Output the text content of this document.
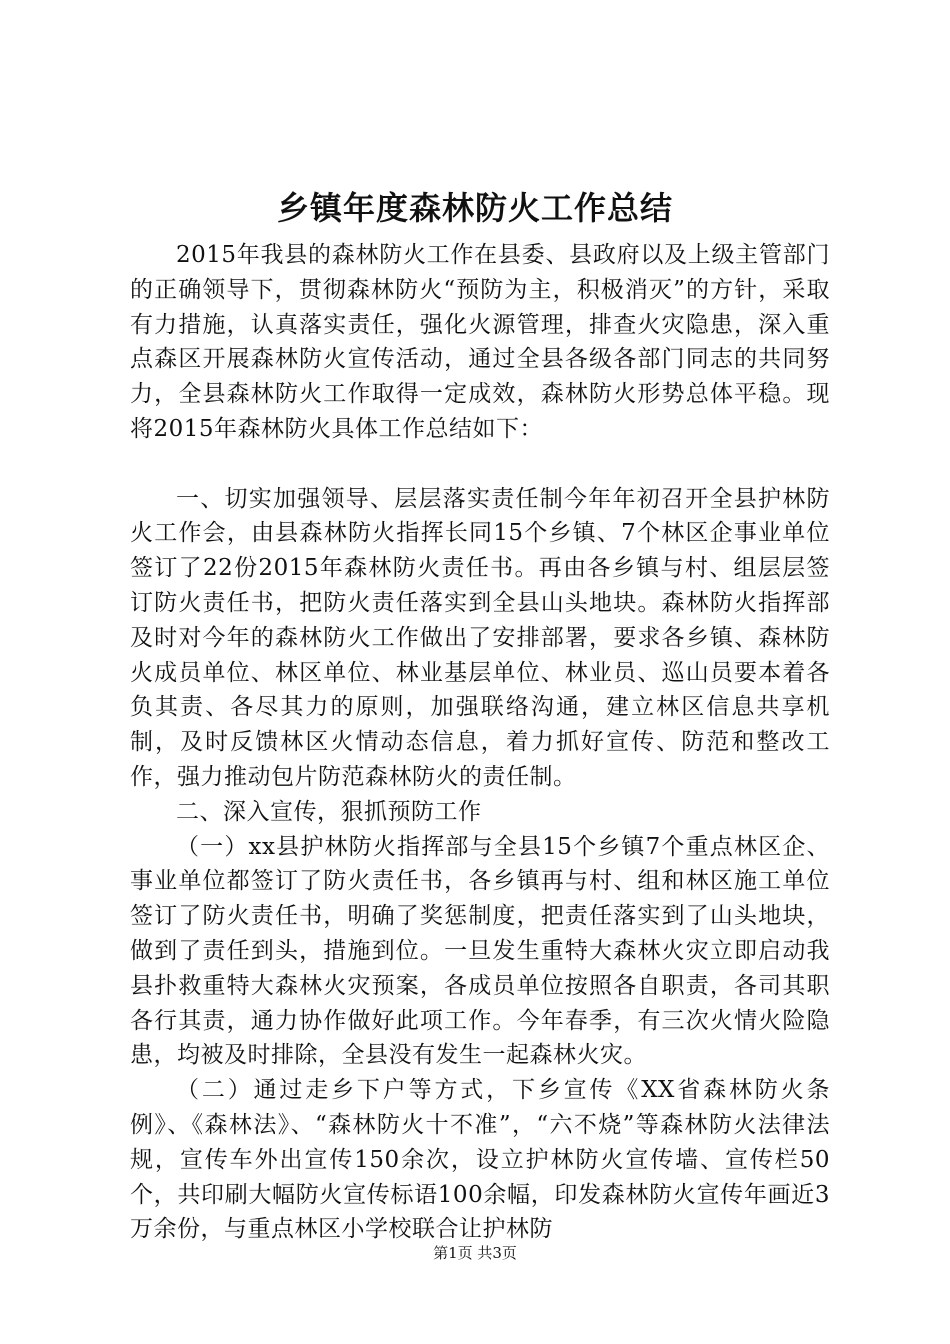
乡镇年度森林防火工作总结

2015年我县的森林防火工作在县委、县政府以及上级主管部门的正确领导下，贯彻森林防火“预防为主，积极消灭”的方针，采取有力措施，认真落实责任，强化火源管理，排查火灾隐患，深入重点森区开展森林防火宣传活动，通过全县各级各部门同志的共同努力，全县森林防火工作取得一定成效，森林防火形势总体平稳。现将2015年森林防火具体工作总结如下：

一、切实加强领导、层层落实责任制今年年初召开全县护林防火工作会，由县森林防火指挥长同15个乡镇、7个林区企事业单位签订了22份2015年森林防火责任书。再由各乡镇与村、组层层签订防火责任书，把防火责任落实到全县山头地块。森林防火指挥部及时对今年的森林防火工作做出了安排部署，要求各乡镇、森林防火成员单位、林区单位、林业基层单位、林业员、巡山员要本着各负其责、各尽其力的原则，加强联络沟通，建立林区信息共享机制，及时反馈林区火情动态信息，着力抓好宣传、防范和整改工作，强力推动包片防范森林防火的责任制。

二、深入宣传，狠抓预防工作

（一）xx县护林防火指挥部与全县15个乡镇7个重点林区企、事业单位都签订了防火责任书，各乡镇再与村、组和林区施工单位签订了防火责任书，明确了奖惩制度，把责任落实到了山头地块，做到了责任到头，措施到位。一旦发生重特大森林火灾立即启动我县扑救重特大森林火灾预案，各成员单位按照各自职责，各司其职各行其责，通力协作做好此项工作。今年春季，有三次火情火险隐患，均被及时排除，全县没有发生一起森林火灾。

（二）通过走乡下户等方式，下乡宣传《XX省森林防火条例》、《森林法》、“森林防火十不准”，“六不烧”等森林防火法律法规，宣传车外出宣传150余次，设立护林防火宣传墙、宣传栏50个，共印刷大幅防火宣传标语100余幅，印发森林防火宣传年画近3万余份，与重点林区小学校联合让护林防

第1页 共3页
